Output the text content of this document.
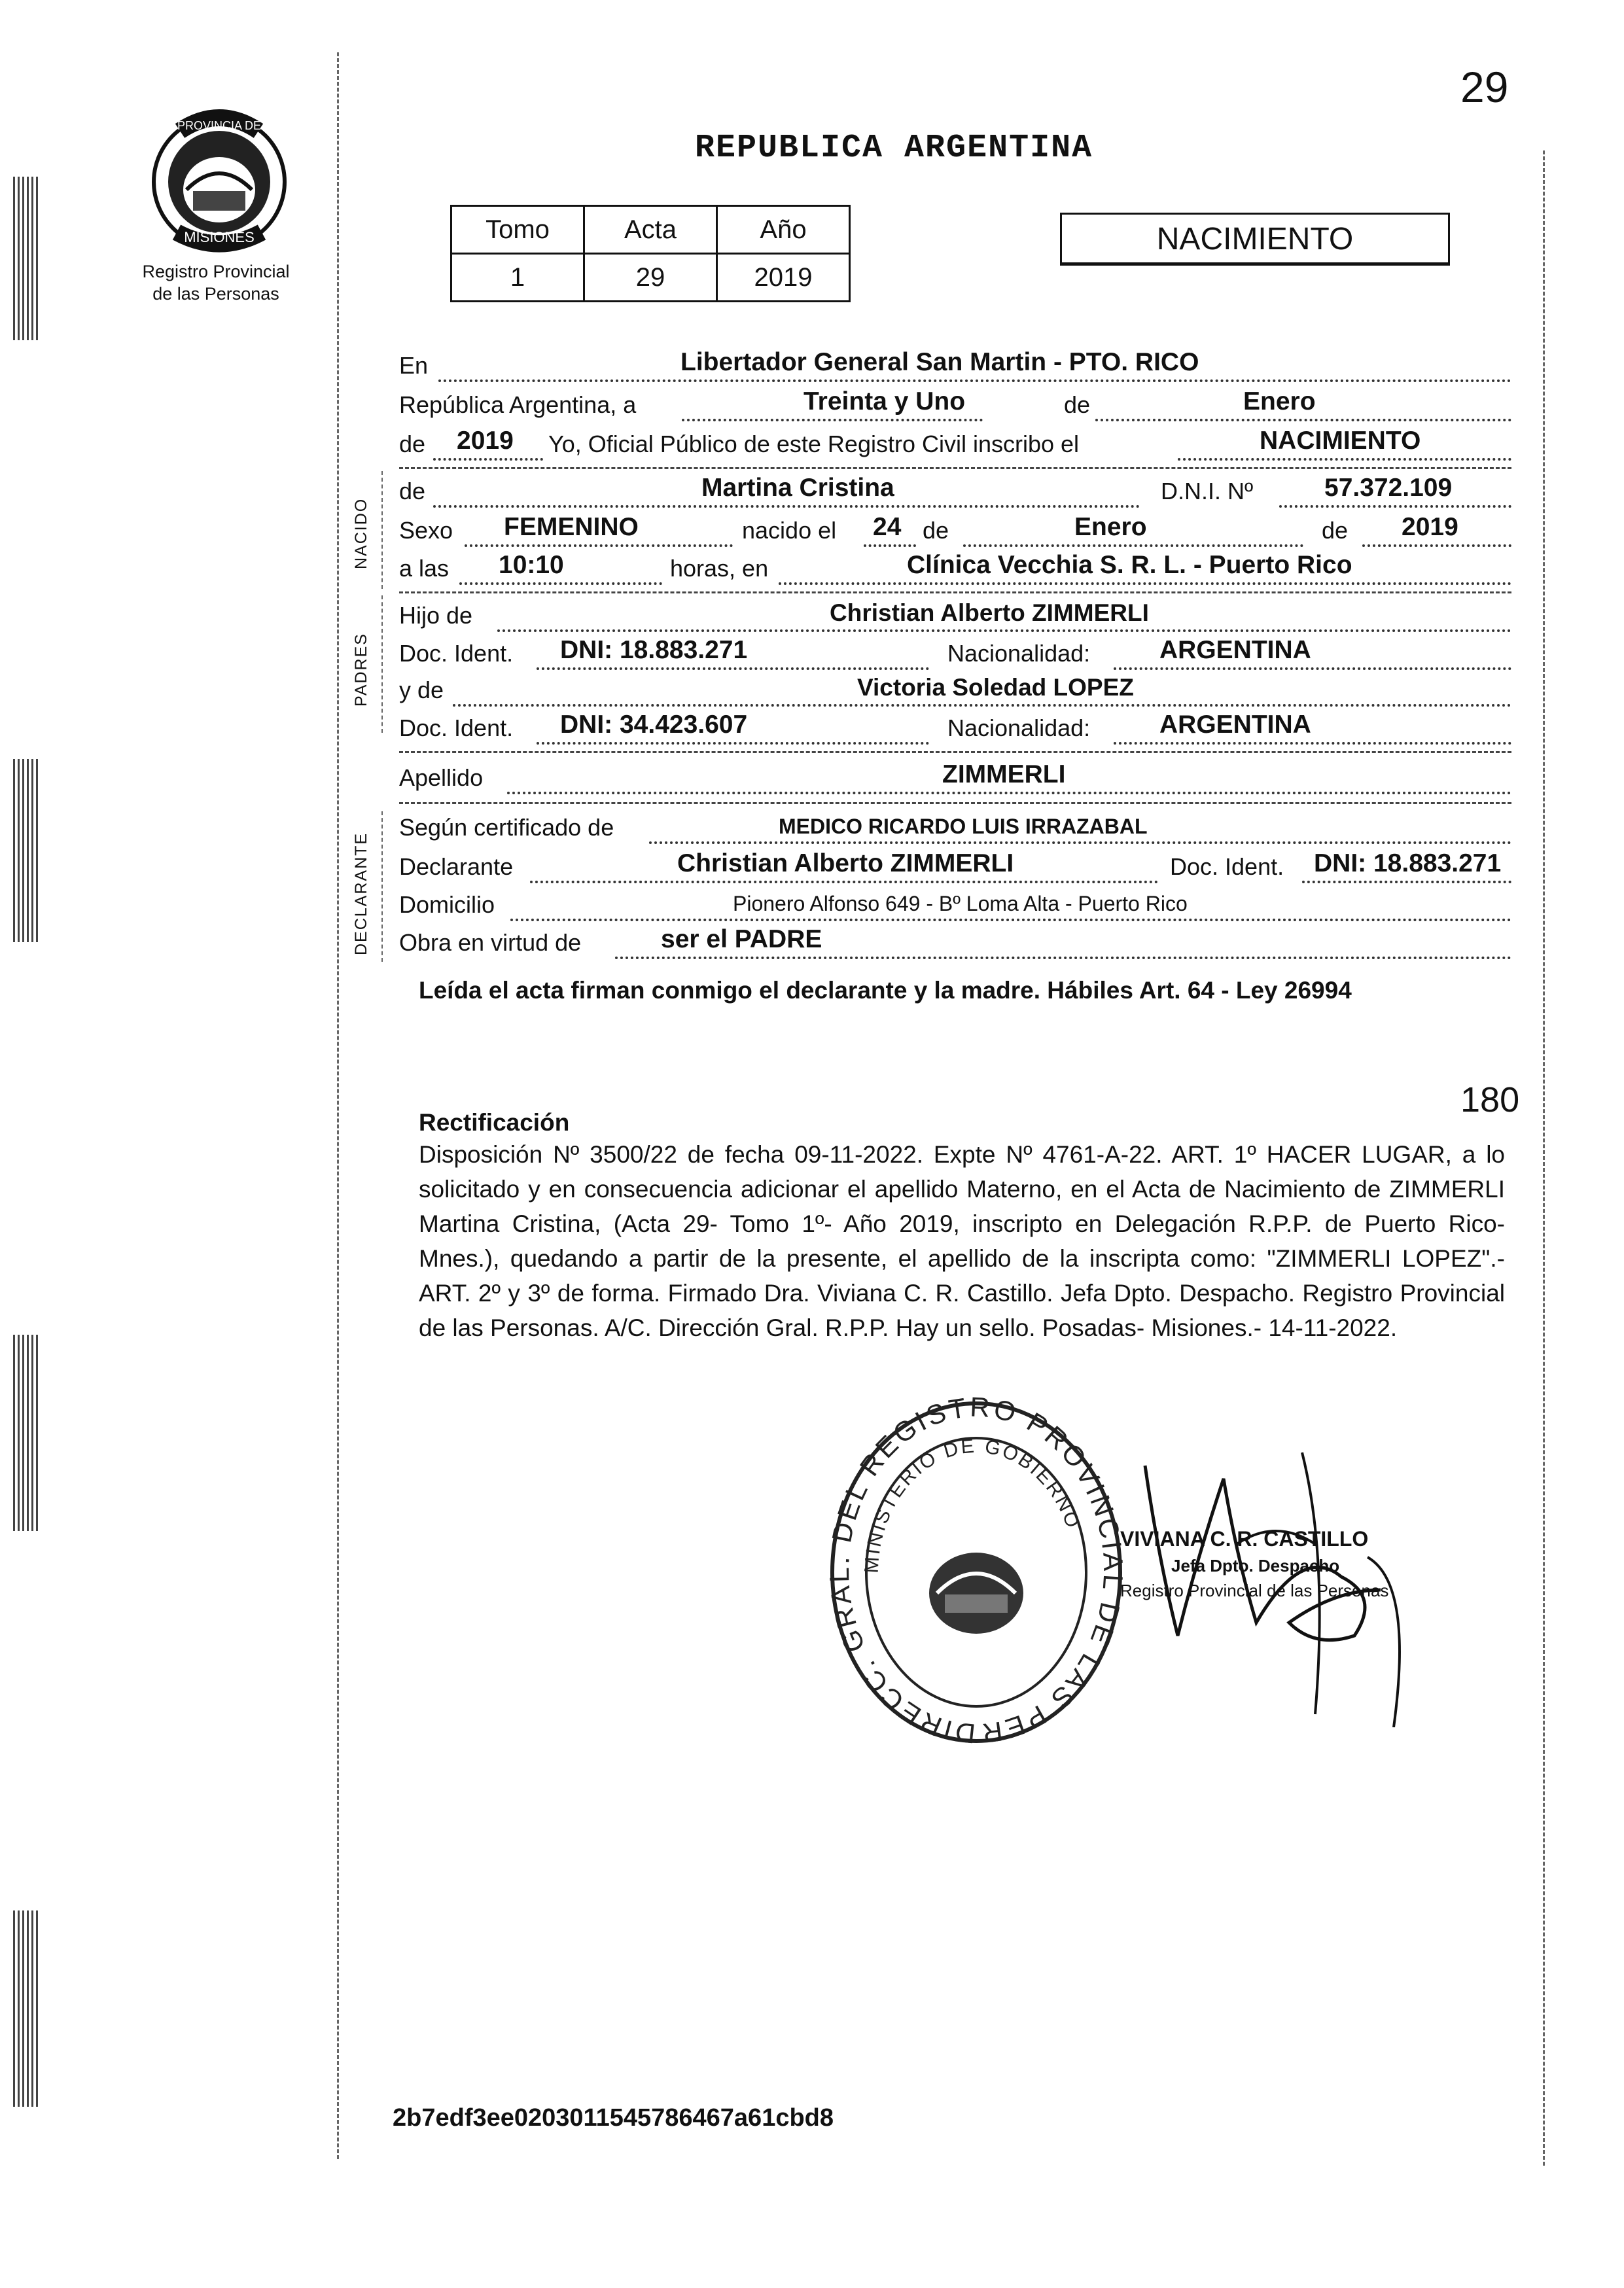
29
PROVINCIA DE
MISIONES
Registro Provincial
de las Personas
REPUBLICA ARGENTINA
Tomo	Acta	Año
1	29	2019
NACIMIENTO
En	Libertador General San Martin - PTO. RICO
República Argentina, a	Treinta y Uno	de	Enero
de 2019 Yo, Oficial Público de este Registro Civil inscribo el	NACIMIENTO
NACIDO
de	Martina Cristina	D.N.I. Nº	57.372.109
Sexo FEMENINO	nacido el 24 de	Enero	de 2019
a las 10:10	horas, en	Clínica Vecchia S. R. L. - Puerto Rico
PADRES
Hijo de	Christian Alberto ZIMMERLI
Doc. Ident. DNI: 18.883.271	Nacionalidad:	ARGENTINA
y de	Victoria Soledad LOPEZ
Doc. Ident. DNI: 34.423.607	Nacionalidad:	ARGENTINA
Apellido	ZIMMERLI
DECLARANTE
Según certificado de	MEDICO RICARDO LUIS IRRAZABAL
Declarante	Christian Alberto ZIMMERLI	Doc. Ident. DNI: 18.883.271
Domicilio	Pionero Alfonso 649 - Bº Loma Alta - Puerto Rico
Obra en virtud de	ser el PADRE
Leída el acta firman conmigo el declarante y la madre. Hábiles Art. 64 - Ley 26994
180
Rectificación
Disposición Nº 3500/22 de fecha 09-11-2022. Expte Nº 4761-A-22. ART. 1º HACER LUGAR, a lo solicitado y en consecuencia adicionar el apellido Materno, en el Acta de Nacimiento de ZIMMERLI Martina Cristina, (Acta 29- Tomo 1º- Año 2019, inscripto en Delegación R.P.P. de Puerto Rico- Mnes.), quedando a partir de la presente, el apellido de la inscripta como: "ZIMMERLI LOPEZ".- ART. 2º y 3º de forma. Firmado Dra. Viviana C. R. Castillo. Jefa Dpto. Despacho. Registro Provincial de las Personas. A/C. Dirección Gral. R.P.P. Hay un sello. Posadas- Misiones.- 14-11-2022.
DIRECC. GRAL. DEL REGISTRO PROVINCIAL DE LAS PER
MINISTERIO DE GOBIERNO
VIVIANA C. R. CASTILLO
Jefa Dpto. Despacho
Registro Provincial de las Personas
2b7edf3ee0203011545786467a61cbd8
